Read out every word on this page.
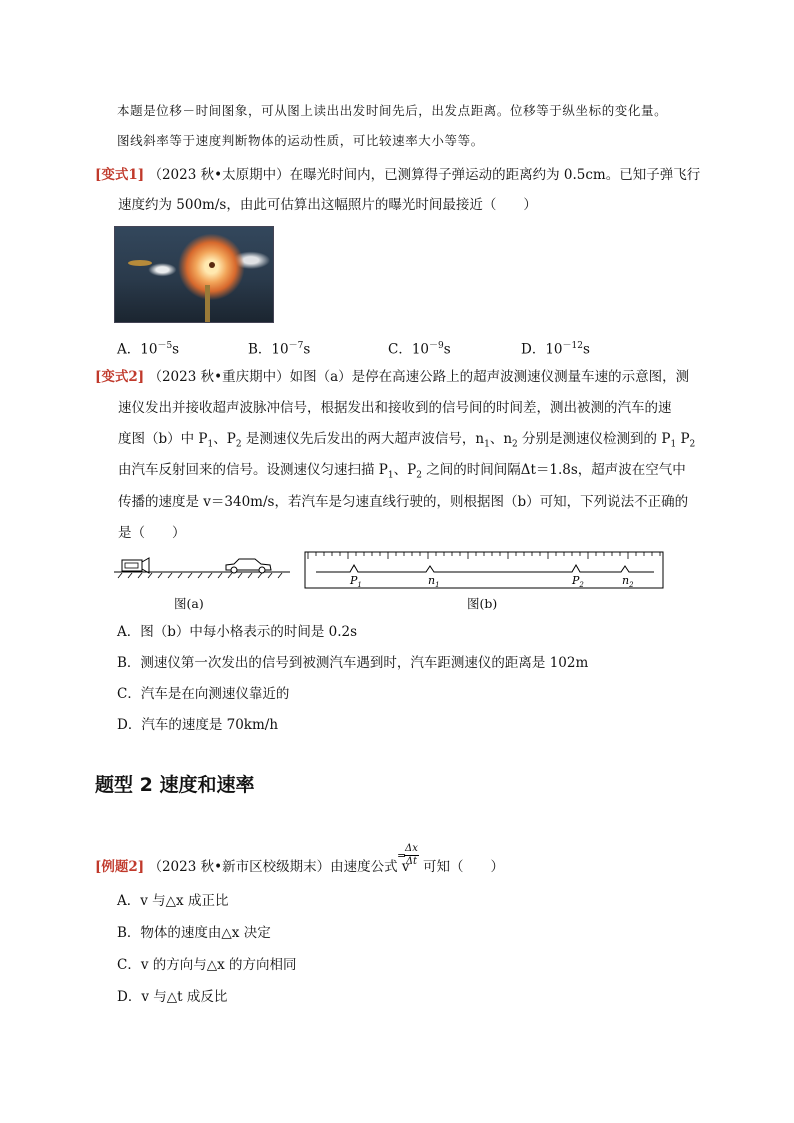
本题是位移－时间图象，可从图上读出出发时间先后，出发点距离。位移等于纵坐标的变化量。
图线斜率等于速度判断物体的运动性质，可比较速率大小等等。
[变式1] （2023 秋•太原期中）在曝光时间内，已测算得子弹运动的距离约为 0.5cm。已知子弹飞行
速度约为 500m/s，由此可估算出这幅照片的曝光时间最接近（　　）
A．$10^{-5}s$	B．$10^{-7}s$	C．$10^{-9}s$	D．$10^{-12}s$
[变式2] （2023 秋•重庆期中）如图（a）是停在高速公路上的超声波测速仪测量车速的示意图，测
速仪发出并接收超声波脉冲信号，根据发出和接收到的信号间的时间差，测出被测的汽车的速
度图（b）中 $P_1$、$P_2$ 是测速仪先后发出的两大超声波信号，$n_1$、$n_2$ 分别是测速仪检测到的 $P_1$ $P_2$
由汽车反射回来的信号。设测速仪匀速扫描 $P_1$、$P_2$ 之间的时间间隔Δt＝1.8s，超声波在空气中
传播的速度是 v＝340m/s，若汽车是匀速直线行驶的，则根据图（b）可知，下列说法不正确的
是（　　）
图(a)
$P_1$	$n_1$	$P_2$	$n_2$
图(b)
A．图（b）中每小格表示的时间是 0.2s
B．测速仪第一次发出的信号到被测汽车遇到时，汽车距测速仪的距离是 102m
C．汽车是在向测速仪靠近的
D．汽车的速度是 70km/h
题型 2 速度和速率
[例题2] （2023 秋•新市区校级期末）由速度公式 v
$\frac{\Delta x}{\Delta t}$
=
可知（　　）
A．v 与△x 成正比
B．物体的速度由△x 决定
C．v 的方向与△x 的方向相同
D．v 与△t 成反比
